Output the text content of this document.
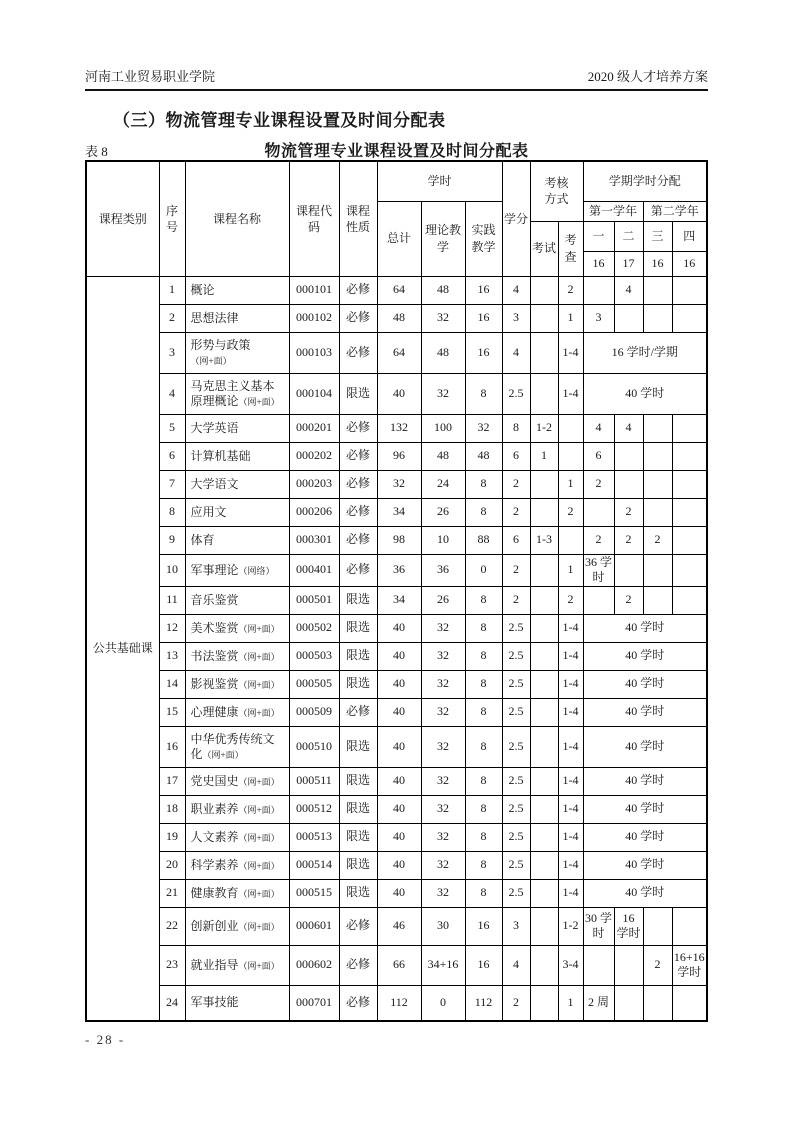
河南工业贸易职业学院	2020 级人才培养方案
（三）物流管理专业课程设置及时间分配表
表 8	物流管理专业课程设置及时间分配表
课程类别	序号	课程名称	课程代码	课程性质	学时			学分	考核方式		学期学时分配			
					总计	理论教学	实践教学				第一学年		第二学年	
									考试	考查	一	二	三	四
											16	17	16	16
公共基础课	1	概论	000101	必修	64	48	16	4		2		4		
	2	思想法律	000102	必修	48	32	16	3		1	3			
	3	形势与政策
（网+面）	000103	必修	64	48	16	4		1-4	16 学时/学期			
	4	马克思主义基本
原理概论（网+面）	000104	限选	40	32	8	2.5		1-4	40 学时			
	5	大学英语	000201	必修	132	100	32	8	1-2		4	4		
	6	计算机基础	000202	必修	96	48	48	6	1		6			
	7	大学语文	000203	必修	32	24	8	2		1	2			
	8	应用文	000206	必修	34	26	8	2		2		2		
	9	体育	000301	必修	98	10	88	6	1-3		2	2	2	
	10	军事理论（网络）	000401	必修	36	36	0	2		1	36 学时			
	11	音乐鉴赏	000501	限选	34	26	8	2		2		2		
	12	美术鉴赏（网+面）	000502	限选	40	32	8	2.5		1-4	40 学时			
	13	书法鉴赏（网+面）	000503	限选	40	32	8	2.5		1-4	40 学时			
	14	影视鉴赏（网+面）	000505	限选	40	32	8	2.5		1-4	40 学时			
	15	心理健康（网+面）	000509	必修	40	32	8	2.5		1-4	40 学时			
	16	中华优秀传统文
化（网+面）	000510	限选	40	32	8	2.5		1-4	40 学时			
	17	党史国史（网+面）	000511	限选	40	32	8	2.5		1-4	40 学时			
	18	职业素养（网+面）	000512	限选	40	32	8	2.5		1-4	40 学时			
	19	人文素养（网+面）	000513	限选	40	32	8	2.5		1-4	40 学时			
	20	科学素养（网+面）	000514	限选	40	32	8	2.5		1-4	40 学时			
	21	健康教育（网+面）	000515	限选	40	32	8	2.5		1-4	40 学时			
	22	创新创业（网+面）	000601	必修	46	30	16	3		1-2	30 学时	16 学时		
	23	就业指导（网+面）	000602	必修	66	34+16	16	4		3-4			2	16+16学时
	24	军事技能	000701	必修	112	0	112	2		1	2 周			
- 28 -
